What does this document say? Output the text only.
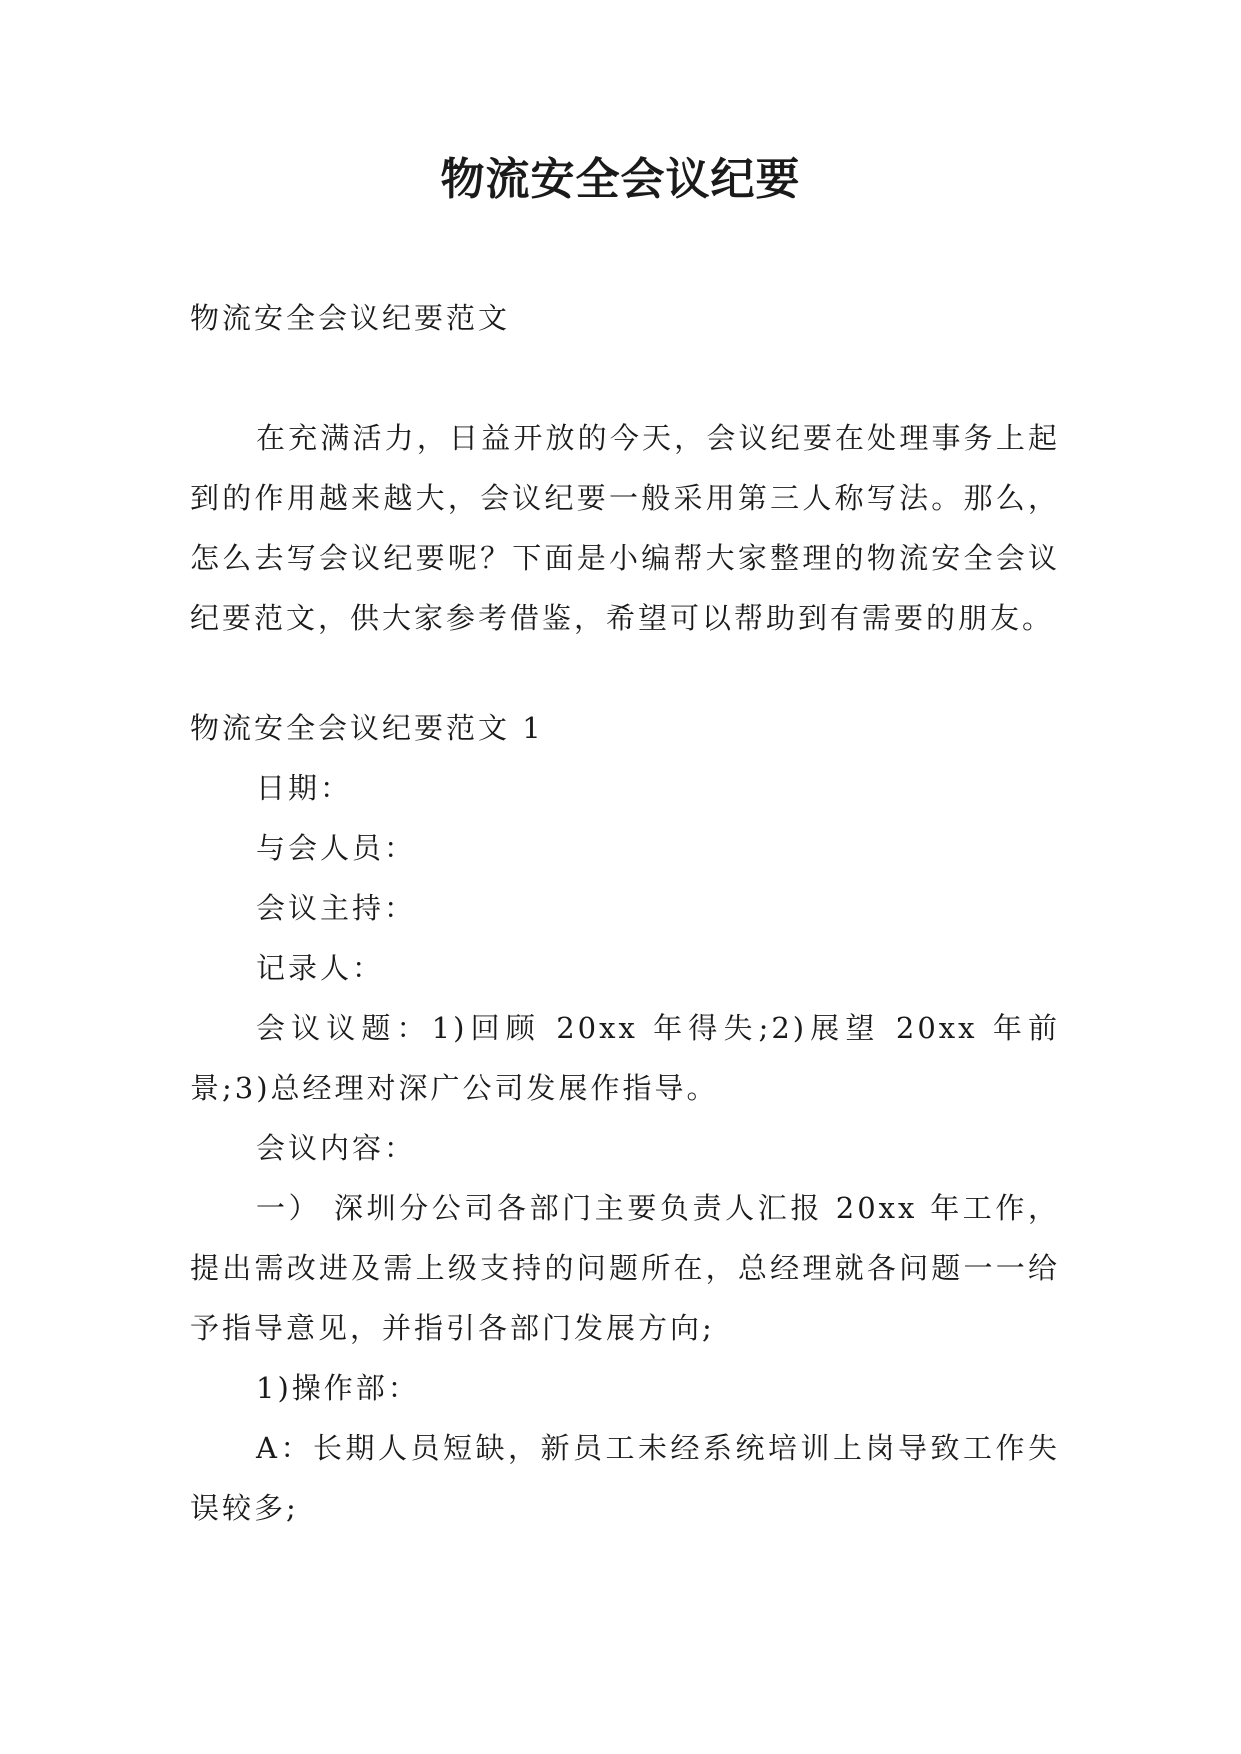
物流安全会议纪要

物流安全会议纪要范文

在充满活力，日益开放的今天，会议纪要在处理事务上起到的作用越来越大，会议纪要一般采用第三人称写法。那么，怎么去写会议纪要呢？下面是小编帮大家整理的物流安全会议纪要范文，供大家参考借鉴，希望可以帮助到有需要的朋友。

物流安全会议纪要范文 1

日期：

与会人员：

会议主持：

记录人：

会议议题：1)回顾 20xx 年得失;2)展望 20xx 年前景;3)总经理对深广公司发展作指导。

会议内容：

一） 深圳分公司各部门主要负责人汇报 20xx 年工作，提出需改进及需上级支持的问题所在，总经理就各问题一一给予指导意见，并指引各部门发展方向;

1)操作部：

A：长期人员短缺，新员工未经系统培训上岗导致工作失误较多;
